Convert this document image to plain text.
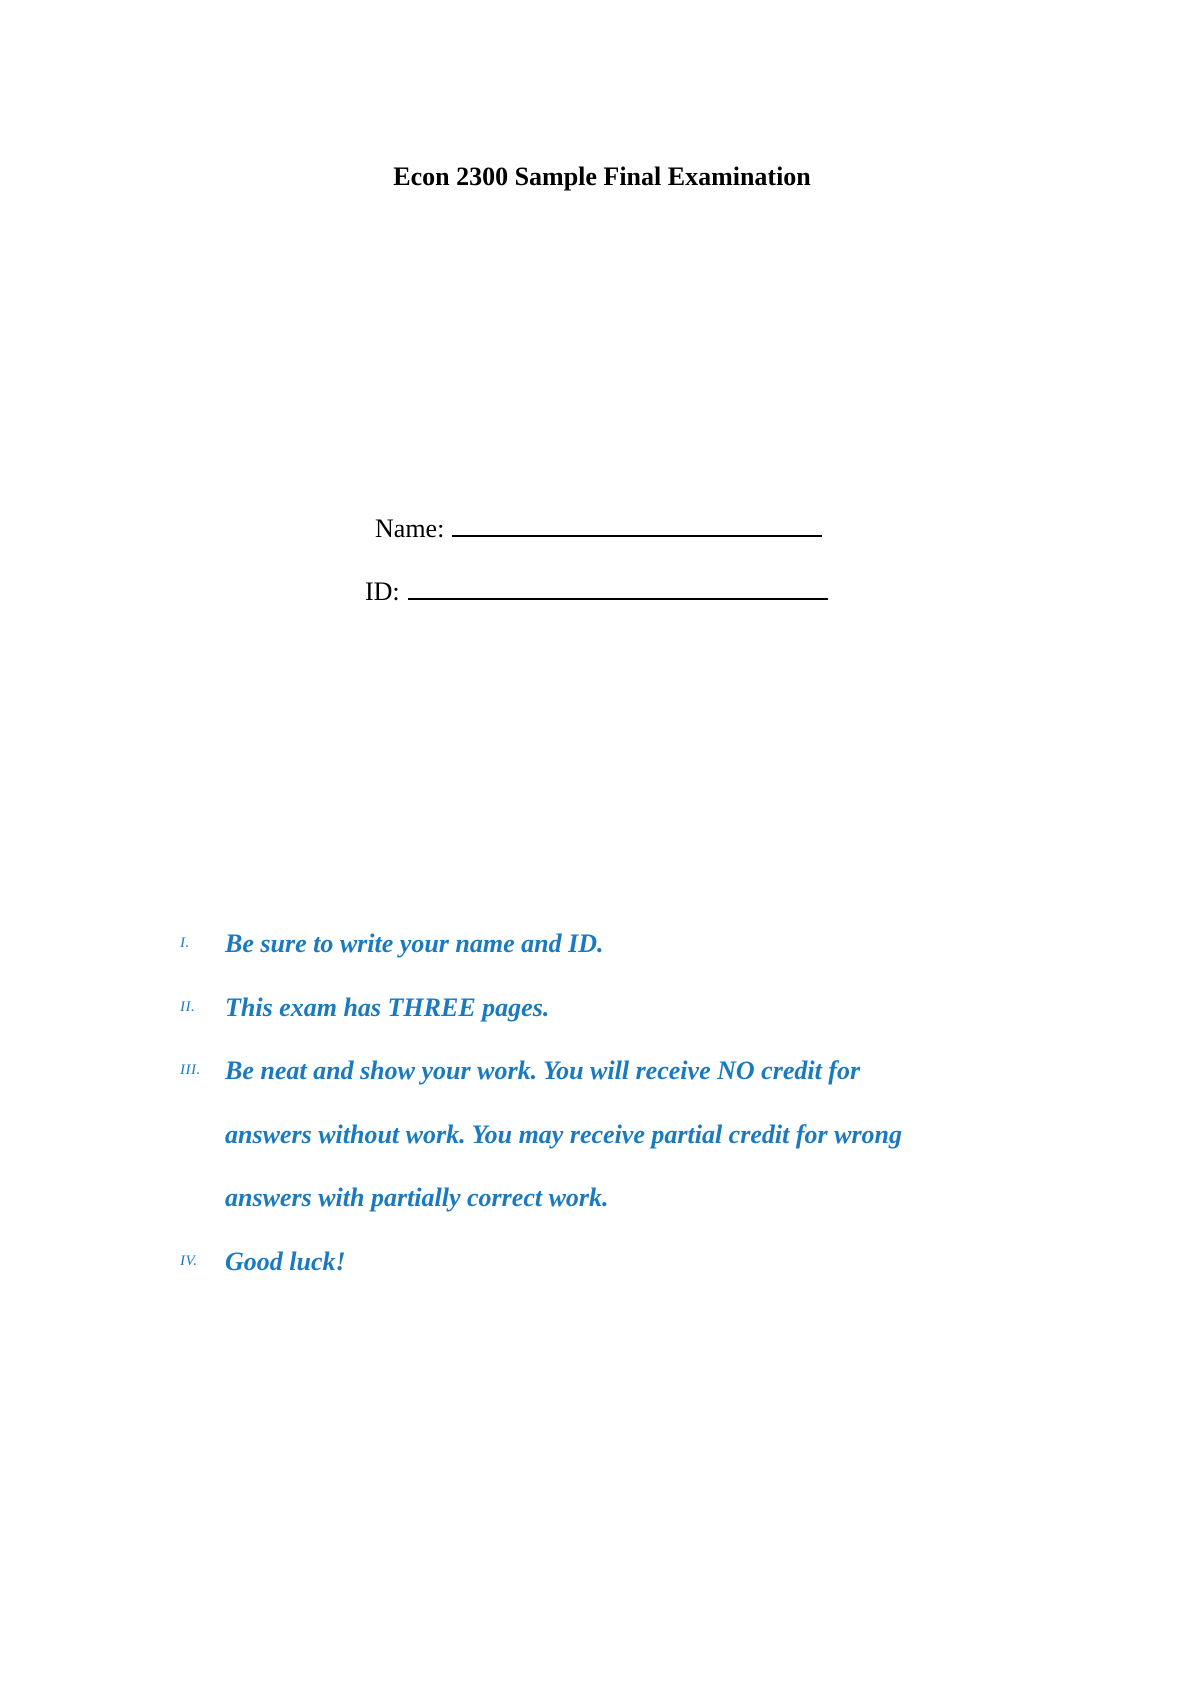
Econ 2300 Sample Final Examination
Name:
ID:
I.	Be sure to write your name and ID.
II.	This exam has THREE pages.
III. Be neat and show your work. You will receive NO credit for
answers without work. You may receive partial credit for wrong
answers with partially correct work.
IV.	Good luck!
